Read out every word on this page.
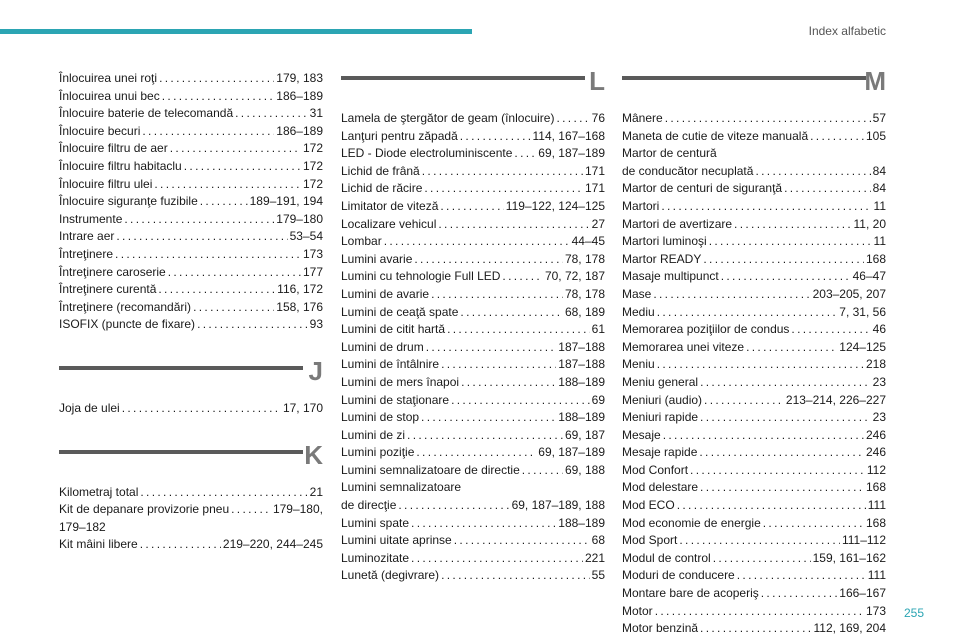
Index alfabetic
Înlocuirea unei roţi . . .	179, 183
Înlocuirea unui bec . . .	186–189
Înlocuire baterie de telecomandă . . .	31
Înlocuire becuri . . .	186–189
Înlocuire filtru de aer . . .	172
Înlocuire filtru habitaclu . . .	172
Înlocuire filtru ulei . . .	172
Înlocuire siguranţe fuzibile . . .	189–191, 194
Instrumente . . .	179–180
Intrare aer . . .	53–54
Întreţinere . . .	173
Întreţinere caroserie . . .	177
Întreţinere curentă . . .	116, 172
Întreţinere (recomandări) . . .	158, 176
ISOFIX (puncte de fixare) . . .	93
J
Joja de ulei . . .	17, 170
K
Kilometraj total . . .	21
Kit de depanare provizorie pneu . . .	179–180,
179–182
Kit mâini libere . . .	219–220, 244–245
L
Lamela de ştergător de geam (înlocuire) . . .	76
Lanţuri pentru zăpadă . . .	114, 167–168
LED - Diode electroluminiscente . . . 69, 187–189
Lichid de frână . . .	171
Lichid de răcire . . .	171
Limitator de viteză . . .	119–122, 124–125
Localizare vehicul . . .	27
Lombar . . .	44–45
Lumini avarie . . .	78, 178
Lumini cu tehnologie Full LED . . .	70, 72, 187
Lumini de avarie . . .	78, 178
Lumini de ceaţă spate . . .	68, 189
Lumini de citit hartă . . .	61
Lumini de drum . . .	187–188
Lumini de întâlnire . . .	187–188
Lumini de mers înapoi . . .	188–189
Lumini de staţionare . . .	69
Lumini de stop . . .	188–189
Lumini de zi . . .	69, 187
Lumini poziţie . . .	69, 187–189
Lumini semnalizatoare de directie . . .	69, 188
Lumini semnalizatoare
de direcţie . . .	69, 187–189, 188
Lumini spate . . .	188–189
Lumini uitate aprinse . . .	68
Luminozitate . . .	221
Lunetă (degivrare) . . .	55
M
Mânere . . .	57
Maneta de cutie de viteze manuală . . .	105
Martor de centură
de conducător necuplată . . .	84
Martor de centuri de siguranţă . . .	84
Martori . . .	11
Martori de avertizare . . .	11, 20
Martori luminoşi . . .	11
Martor READY . . .	168
Masaje multipunct . . .	46–47
Mase . . .	203–205, 207
Mediu . . .	7, 31, 56
Memorarea poziţiilor de condus . . .	46
Memorarea unei viteze . . .	124–125
Meniu . . .	218
Meniu general . . .	23
Meniuri (audio) . . .	213–214, 226–227
Meniuri rapide . . .	23
Mesaje . . .	246
Mesaje rapide . . .	246
Mod Confort . . .	112
Mod delestare . . .	168
Mod ECO . . .	111
Mod economie de energie . . .	168
Mod Sport . . .	111–112
Modul de control . . .	159, 161–162
Moduri de conducere . . .	111
Montare bare de acoperiş . . .	166–167
Motor . . .	173
Motor benzină . . .	112, 169, 204
255
